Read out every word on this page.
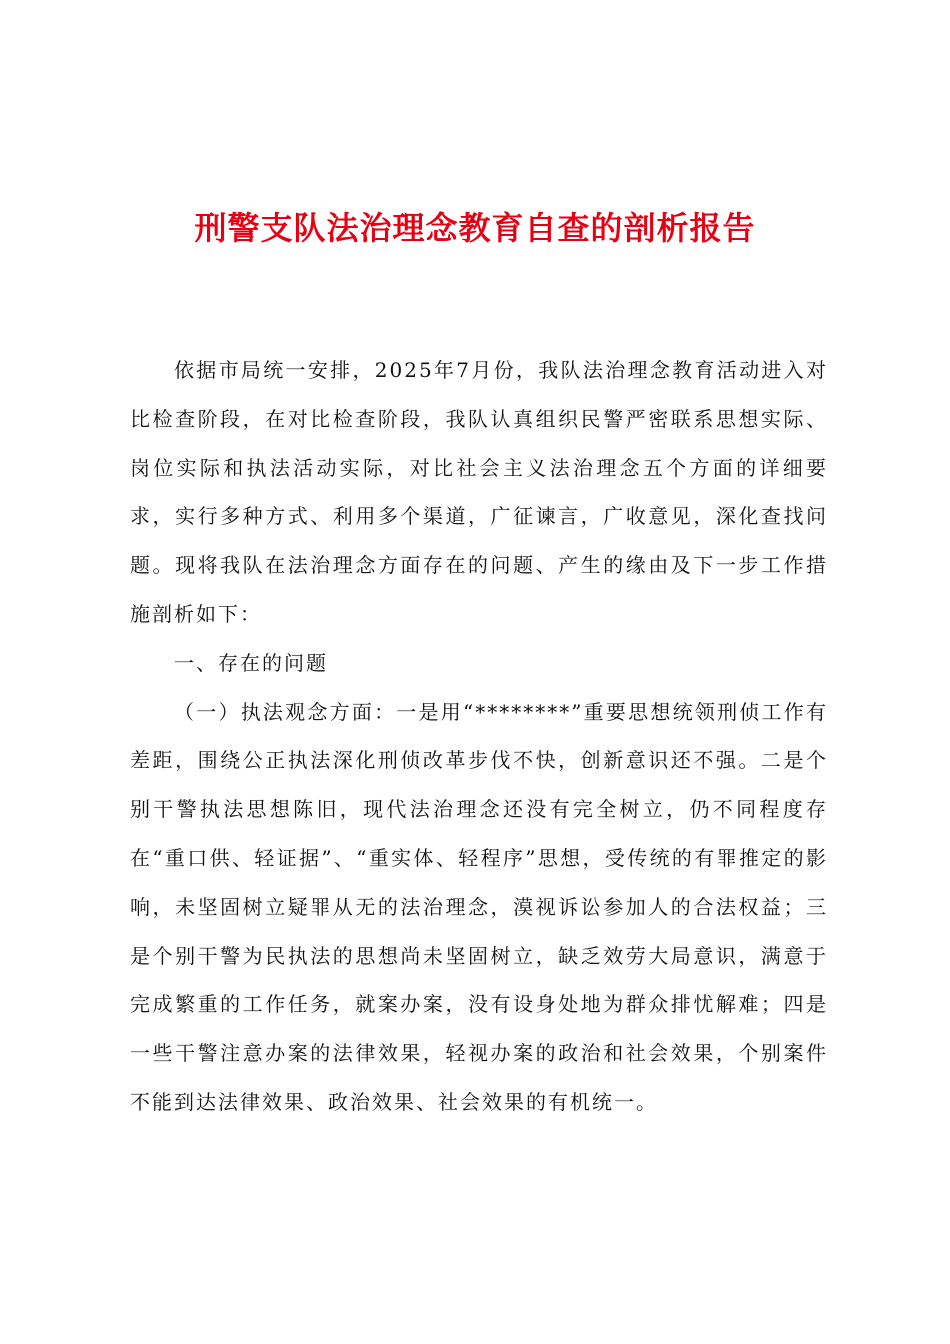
刑警支队法治理念教育自查的剖析报告

依据市局统一安排，2025年7月份，我队法治理念教育活动进入对比检查阶段，在对比检查阶段，我队认真组织民警严密联系思想实际、岗位实际和执法活动实际，对比社会主义法治理念五个方面的详细要求，实行多种方式、利用多个渠道，广征谏言，广收意见，深化查找问题。现将我队在法治理念方面存在的问题、产生的缘由及下一步工作措施剖析如下：

一、存在的问题

（一）执法观念方面：一是用“********”重要思想统领刑侦工作有差距，围绕公正执法深化刑侦改革步伐不快，创新意识还不强。二是个别干警执法思想陈旧，现代法治理念还没有完全树立，仍不同程度存在“重口供、轻证据”、“重实体、轻程序”思想，受传统的有罪推定的影响，未坚固树立疑罪从无的法治理念，漠视诉讼参加人的合法权益；三是个别干警为民执法的思想尚未坚固树立，缺乏效劳大局意识，满意于完成繁重的工作任务，就案办案，没有设身处地为群众排忧解难；四是一些干警注意办案的法律效果，轻视办案的政治和社会效果，个别案件不能到达法律效果、政治效果、社会效果的有机统一。
